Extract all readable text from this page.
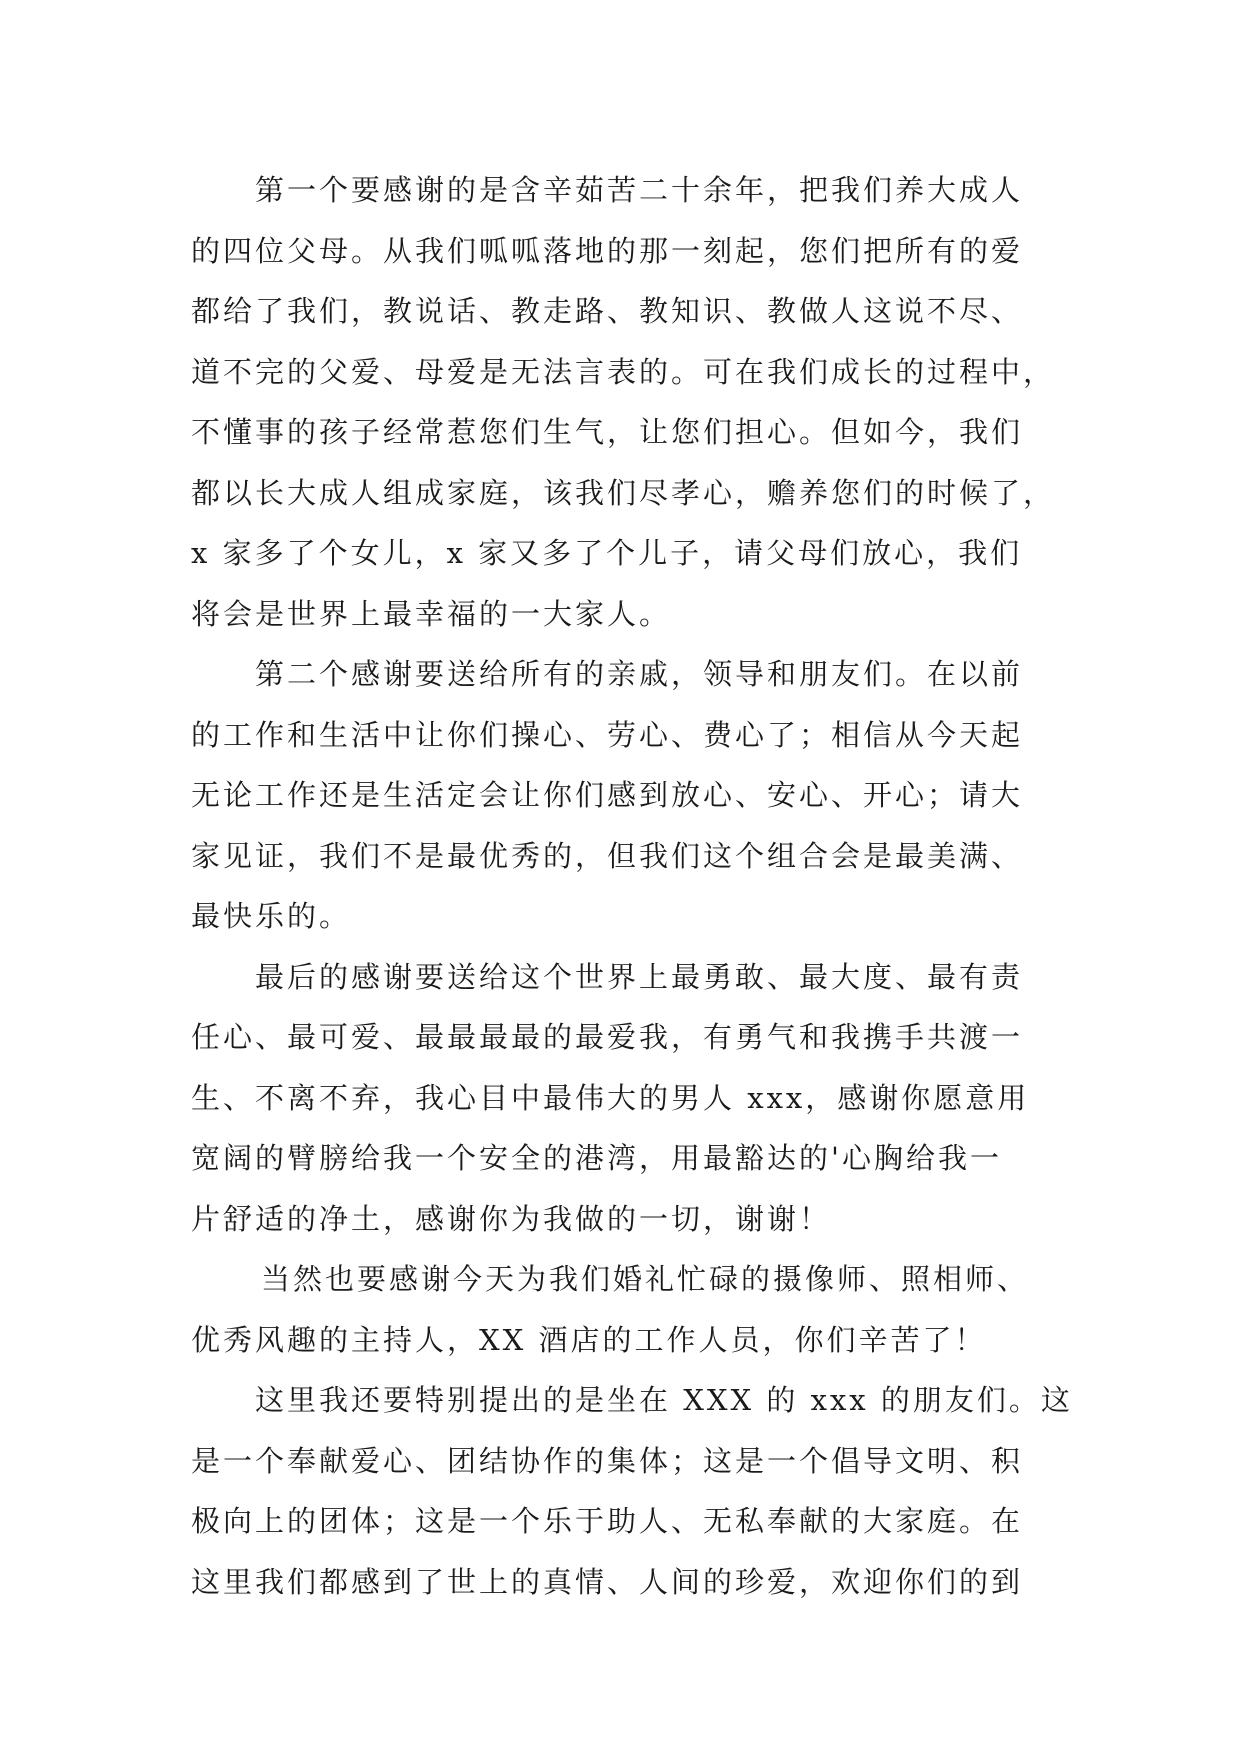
第一个要感谢的是含辛茹苦二十余年，把我们养大成人
的四位父母。从我们呱呱落地的那一刻起，您们把所有的爱
都给了我们，教说话、教走路、教知识、教做人这说不尽、
道不完的父爱、母爱是无法言表的。可在我们成长的过程中，
不懂事的孩子经常惹您们生气，让您们担心。但如今，我们
都以长大成人组成家庭，该我们尽孝心，赡养您们的时候了，
x 家多了个女儿，x 家又多了个儿子，请父母们放心，我们
将会是世界上最幸福的一大家人。
第二个感谢要送给所有的亲戚，领导和朋友们。在以前
的工作和生活中让你们操心、劳心、费心了；相信从今天起
无论工作还是生活定会让你们感到放心、安心、开心；请大
家见证，我们不是最优秀的，但我们这个组合会是最美满、
最快乐的。
最后的感谢要送给这个世界上最勇敢、最大度、最有责
任心、最可爱、最最最最的最爱我，有勇气和我携手共渡一
生、不离不弃，我心目中最伟大的男人 xxx，感谢你愿意用
宽阔的臂膀给我一个安全的港湾，用最豁达的'心胸给我一
片舒适的净土，感谢你为我做的一切，谢谢！
当然也要感谢今天为我们婚礼忙碌的摄像师、照相师、
优秀风趣的主持人，XX 酒店的工作人员，你们辛苦了！
这里我还要特别提出的是坐在 XXX 的 xxx 的朋友们。这
是一个奉献爱心、团结协作的集体；这是一个倡导文明、积
极向上的团体；这是一个乐于助人、无私奉献的大家庭。在
这里我们都感到了世上的真情、人间的珍爱，欢迎你们的到
